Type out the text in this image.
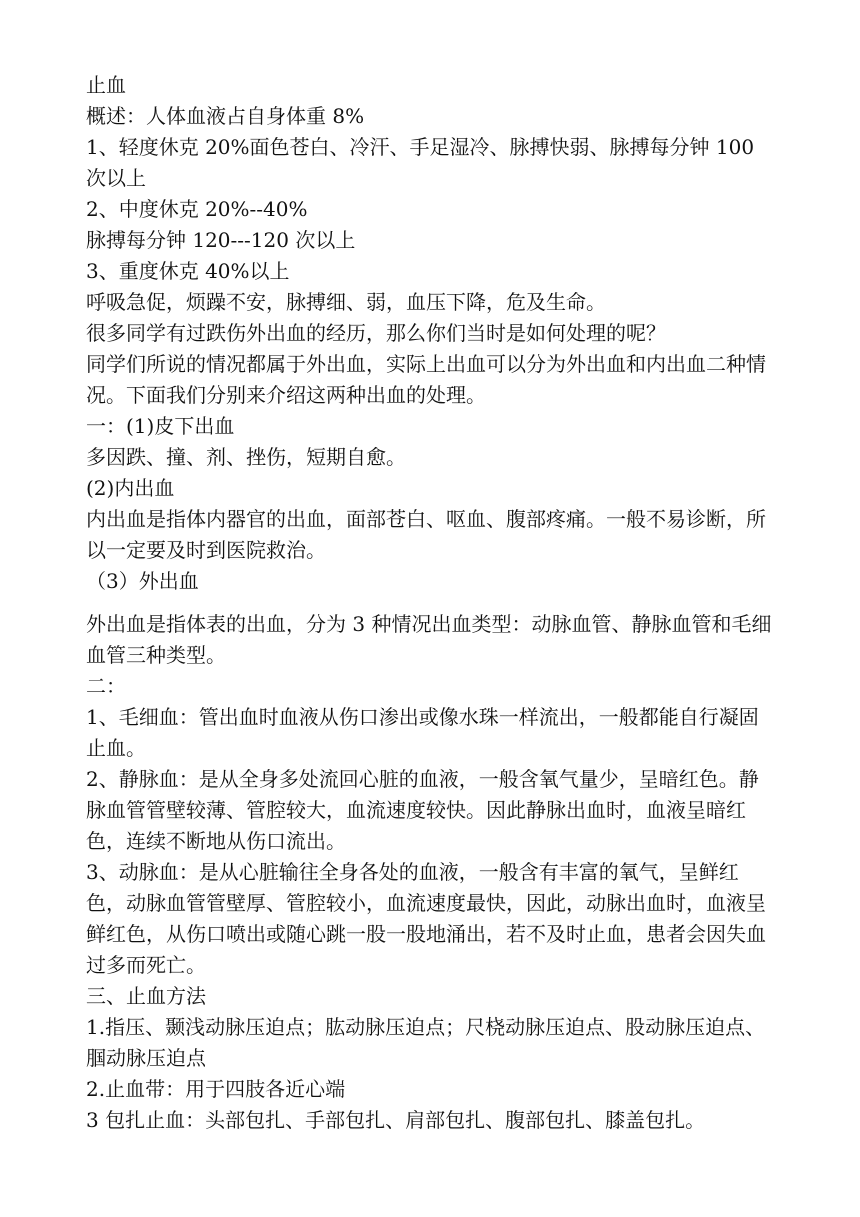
止血

概述：人体血液占自身体重 8%

1、轻度休克 20%面色苍白、冷汗、手足湿冷、脉搏快弱、脉搏每分钟 100 次以上

2、中度休克 20%--40%

脉搏每分钟 120---120 次以上

3、重度休克 40%以上

呼吸急促，烦躁不安，脉搏细、弱，血压下降，危及生命。

很多同学有过跌伤外出血的经历，那么你们当时是如何处理的呢？

同学们所说的情况都属于外出血，实际上出血可以分为外出血和内出血二种情况。下面我们分别来介绍这两种出血的处理。

一：(1)皮下出血

多因跌、撞、剂、挫伤，短期自愈。

(2)内出血

内出血是指体内器官的出血，面部苍白、呕血、腹部疼痛。一般不易诊断，所以一定要及时到医院救治。

（3）外出血

外出血是指体表的出血，分为 3 种情况出血类型：动脉血管、静脉血管和毛细血管三种类型。

二：

1、毛细血：管出血时血液从伤口渗出或像水珠一样流出，一般都能自行凝固止血。

2、静脉血：是从全身多处流回心脏的血液，一般含氧气量少，呈暗红色。静脉血管管壁较薄、管腔较大，血流速度较快。因此静脉出血时，血液呈暗红色，连续不断地从伤口流出。

3、动脉血：是从心脏输往全身各处的血液，一般含有丰富的氧气，呈鲜红色，动脉血管管壁厚、管腔较小，血流速度最快，因此，动脉出血时，血液呈鲜红色，从伤口喷出或随心跳一股一股地涌出，若不及时止血，患者会因失血过多而死亡。

三、止血方法

1.指压、颞浅动脉压迫点；肱动脉压迫点；尺桡动脉压迫点、股动脉压迫点、腘动脉压迫点

2.止血带：用于四肢各近心端

3 包扎止血：头部包扎、手部包扎、肩部包扎、腹部包扎、膝盖包扎。
